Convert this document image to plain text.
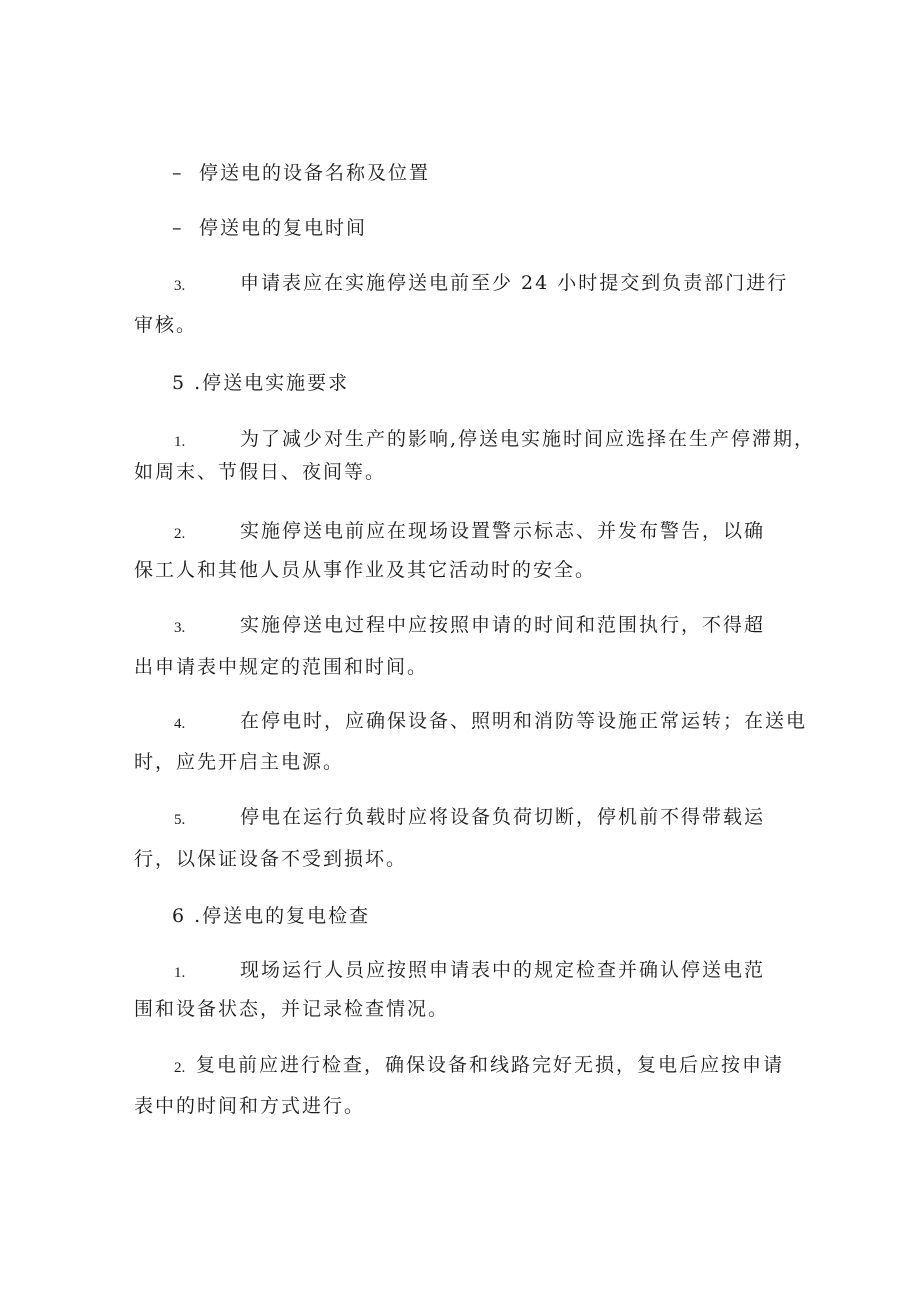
– 停送电的设备名称及位置
– 停送电的复电时间
3.	申请表应在实施停送电前至少 24 小时提交到负责部门进行
审核。
5 .停送电实施要求
1.	为了减少对生产的影响,停送电实施时间应选择在生产停滞期，
如周末、节假日、夜间等。
2.	实施停送电前应在现场设置警示标志、并发布警告，以确
保工人和其他人员从事作业及其它活动时的安全。
3.	实施停送电过程中应按照申请的时间和范围执行，不得超
出申请表中规定的范围和时间。
4.	在停电时，应确保设备、照明和消防等设施正常运转；在送电
时，应先开启主电源。
5.	停电在运行负载时应将设备负荷切断，停机前不得带载运
行，以保证设备不受到损坏。
6 .停送电的复电检查
1.	现场运行人员应按照申请表中的规定检查并确认停送电范
围和设备状态，并记录检查情况。
2. 复电前应进行检查，确保设备和线路完好无损，复电后应按申请
表中的时间和方式进行。
